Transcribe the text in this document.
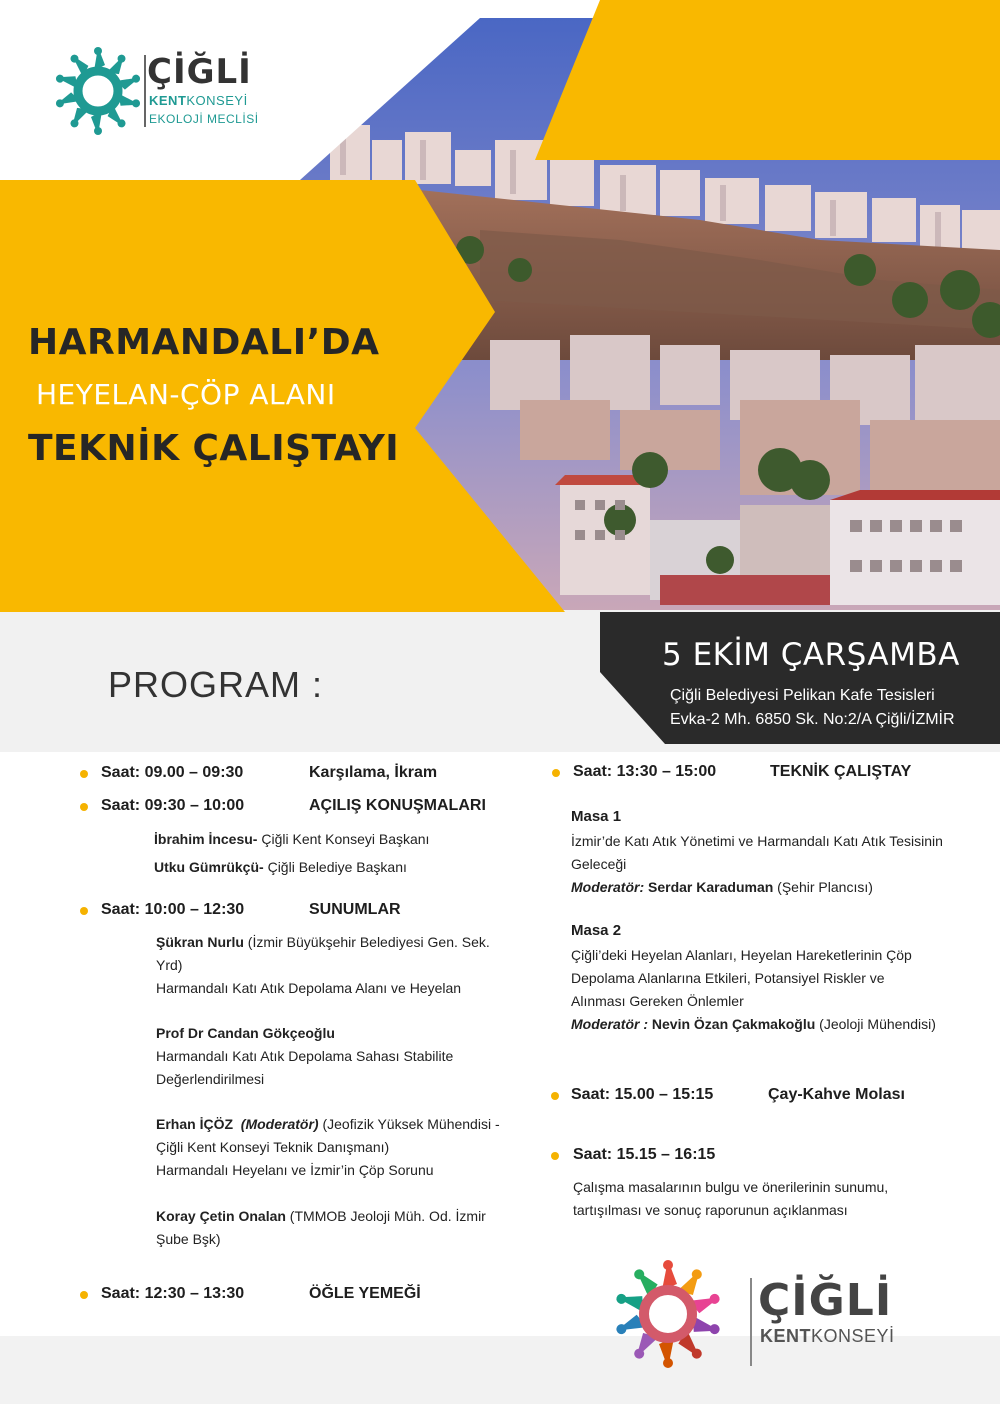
ÇİĞLİ
KENTKONSEYİ
EKOLOJİ MECLİSİ
HARMANDALI’DA
HEYELAN-ÇÖP ALANI
TEKNİK ÇALIŞTAYI
PROGRAM :
5 EKİM ÇARŞAMBA
Çiğli Belediyesi Pelikan Kafe Tesisleri
Evka-2 Mh. 6850 Sk. No:2/A Çiğli/İZMİR
Saat: 09.00 – 09:30	Karşılama, İkram
Saat: 09:30 – 10:00	AÇILIŞ KONUŞMALARI
İbrahim İncesu- Çiğli Kent Konseyi Başkanı
Utku Gümrükçü- Çiğli Belediye Başkanı
Saat: 10:00 – 12:30	SUNUMLAR
Şükran Nurlu (İzmir Büyükşehir Belediyesi Gen. Sek.
Yrd)
Harmandalı Katı Atık Depolama Alanı ve Heyelan
Prof Dr Candan Gökçeoğlu
Harmandalı Katı Atık Depolama Sahası Stabilite
Değerlendirilmesi
Erhan İÇÖZ (Moderatör) (Jeofizik Yüksek Mühendisi -
Çiğli Kent Konseyi Teknik Danışmanı)
Harmandalı Heyelanı ve İzmir’in Çöp Sorunu
Koray Çetin Onalan (TMMOB Jeoloji Müh. Od. İzmir
Şube Bşk)
Saat: 12:30 – 13:30	ÖĞLE YEMEĞİ
Saat: 13:30 – 15:00	TEKNİK ÇALIŞTAY
Masa 1
İzmir’de Katı Atık Yönetimi ve Harmandalı Katı Atık Tesisinin
Geleceği
Moderatör: Serdar Karaduman (Şehir Plancısı)
Masa 2
Çiğli’deki Heyelan Alanları, Heyelan Hareketlerinin Çöp
Depolama Alanlarına Etkileri, Potansiyel Riskler ve
Alınması Gereken Önlemler
Moderatör : Nevin Özan Çakmakoğlu (Jeoloji Mühendisi)
Saat: 15.00 – 15:15	Çay-Kahve Molası
Saat: 15.15 – 16:15
Çalışma masalarının bulgu ve önerilerinin sunumu,
tartışılması ve sonuç raporunun açıklanması
ÇİĞLİ
KENTKONSEYİ
